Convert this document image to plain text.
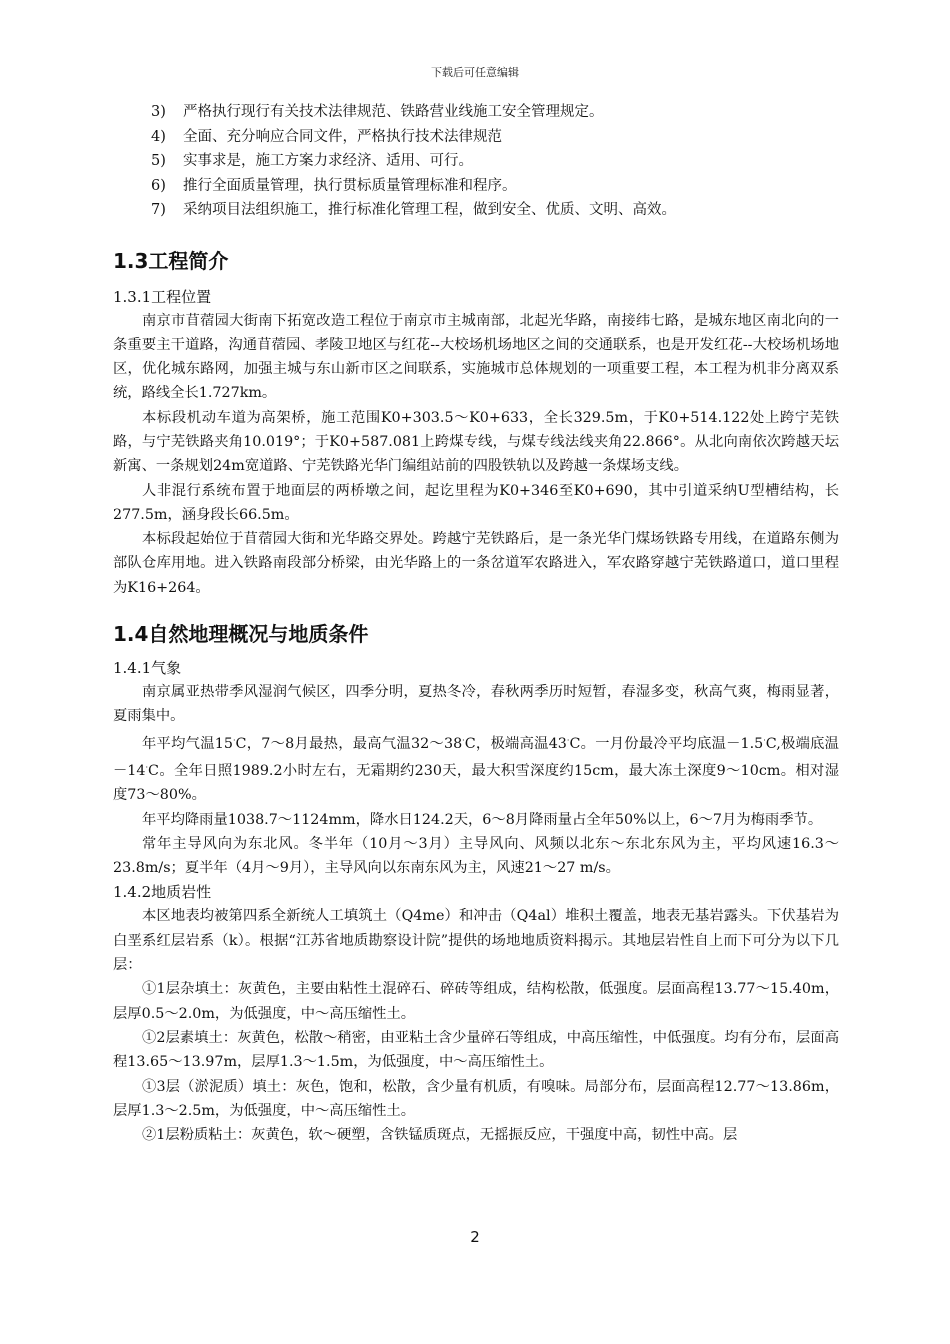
下载后可任意编辑
3) 严格执行现行有关技术法律规范、铁路营业线施工安全管理规定。
4) 全面、充分响应合同文件，严格执行技术法律规范
5) 实事求是，施工方案力求经济、适用、可行。
6) 推行全面质量管理，执行贯标质量管理标准和程序。
7) 采纳项目法组织施工，推行标准化管理工程，做到安全、优质、文明、高效。
1.3工程简介
1.3.1工程位置

南京市苜蓿园大街南下拓宽改造工程位于南京市主城南部，北起光华路，南接纬七路，是城东地区南北向的一条重要主干道路，沟通苜蓿园、孝陵卫地区与红花--大校场机场地区之间的交通联系，也是开发红花--大校场机场地区，优化城东路网，加强主城与东山新市区之间联系，实施城市总体规划的一项重要工程，本工程为机非分离双系统，路线全长1.727km。

本标段机动车道为高架桥，施工范围K0+303.5～K0+633，全长329.5m，于K0+514.122处上跨宁芜铁路，与宁芜铁路夹角10.019°；于K0+587.081上跨煤专线，与煤专线法线夹角22.866°。从北向南依次跨越天坛新寓、一条规划24m宽道路、宁芜铁路光华门编组站前的四股铁轨以及跨越一条煤场支线。

人非混行系统布置于地面层的两桥墩之间，起讫里程为K0+346至K0+690，其中引道采纳U型槽结构，长277.5m，涵身段长66.5m。

本标段起始位于苜蓿园大街和光华路交界处。跨越宁芜铁路后，是一条光华门煤场铁路专用线，在道路东侧为部队仓库用地。进入铁路南段部分桥梁，由光华路上的一条岔道军农路进入，军农路穿越宁芜铁路道口，道口里程为K16+264。

1.4自然地理概况与地质条件
1.4.1气象

南京属亚热带季风湿润气候区，四季分明，夏热冬冷，春秋两季历时短暂，春湿多变，秋高气爽，梅雨显著，夏雨集中。

年平均气温15·C，7～8月最热，最高气温32～38·C，极端高温43·C。一月份最冷平均底温－1.5·C,极端底温－14·C。全年日照1989.2小时左右，无霜期约230天，最大积雪深度约15cm，最大冻土深度9～10cm。相对湿度73～80%。

年平均降雨量1038.7～1124mm，降水日124.2天，6～8月降雨量占全年50%以上，6～7月为梅雨季节。

常年主导风向为东北风。冬半年（10月～3月）主导风向、风频以北东～东北东风为主，平均风速16.3～23.8m/s；夏半年（4月～9月），主导风向以东南东风为主，风速21～27 m/s。

1.4.2地质岩性

本区地表均被第四系全新统人工填筑土（Q4me）和冲击（Q4al）堆积土覆盖，地表无基岩露头。下伏基岩为白垩系红层岩系（k）。根据“江苏省地质勘察设计院”提供的场地地质资料揭示。其地层岩性自上而下可分为以下几层：

①1层杂填土：灰黄色，主要由粘性土混碎石、碎砖等组成，结构松散，低强度。层面高程13.77～15.40m，层厚0.5～2.0m，为低强度，中～高压缩性土。

①2层素填土：灰黄色，松散～稍密，由亚粘土含少量碎石等组成，中高压缩性，中低强度。均有分布，层面高程13.65～13.97m，层厚1.3～1.5m，为低强度，中～高压缩性土。

①3层（淤泥质）填土：灰色，饱和，松散，含少量有机质，有嗅味。局部分布，层面高程12.77～13.86m，层厚1.3～2.5m，为低强度，中～高压缩性土。

②1层粉质粘土：灰黄色，软～硬塑，含铁锰质斑点，无摇振反应，干强度中高，韧性中高。层

2
